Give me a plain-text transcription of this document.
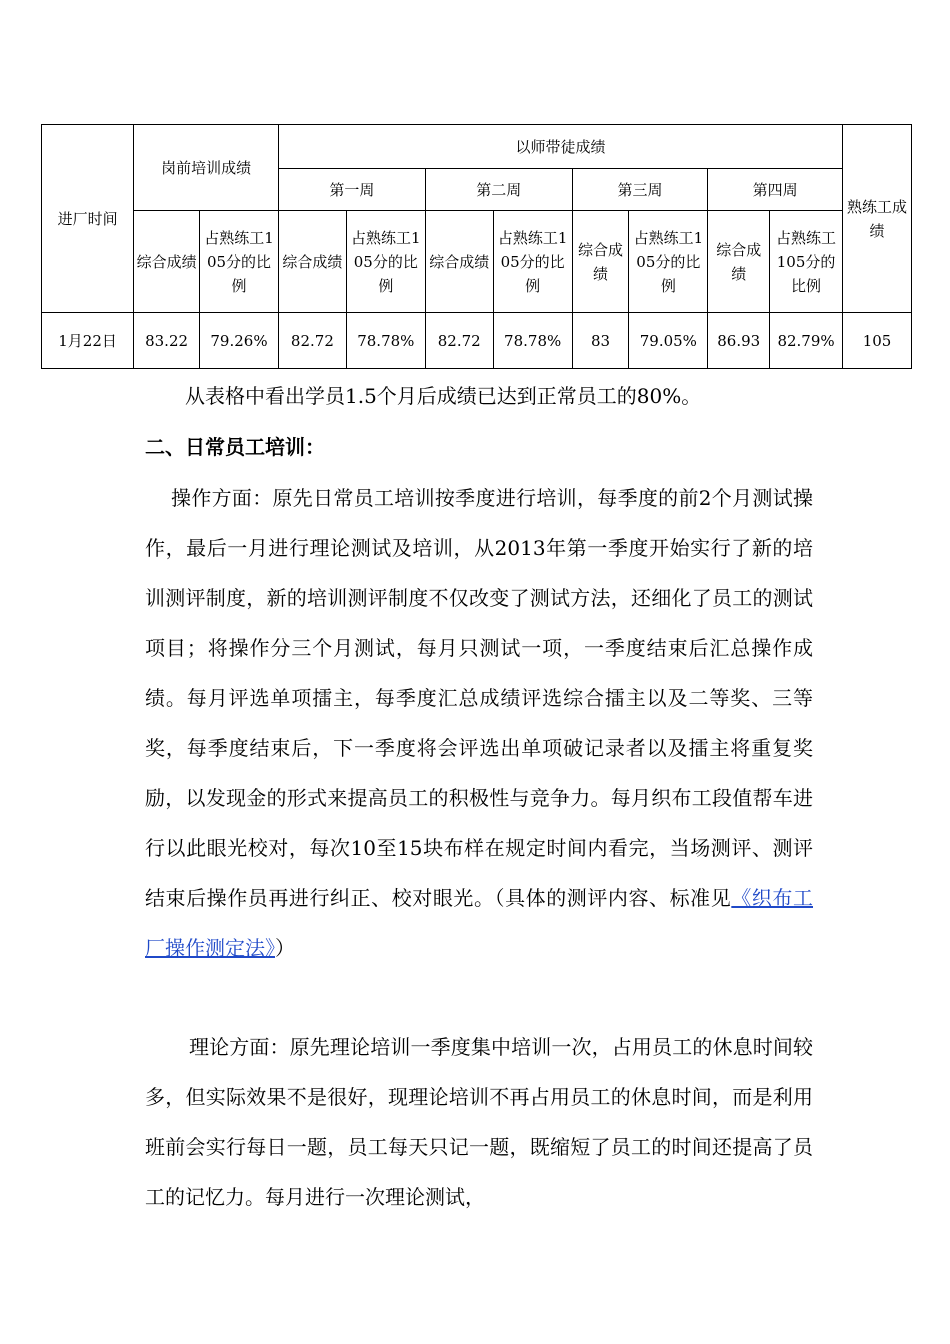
进厂时间	岗前培训成绩		以师带徒成绩								熟练工成绩
			第一周		第二周		第三周		第四周		
	综合成绩	占熟练工105分的比例	综合成绩	占熟练工105分的比例	综合成绩	占熟练工105分的比例	综合成绩	占熟练工105分的比例	综合成绩	占熟练工105分的比例	
1月22日	83.22	79.26%	82.72	78.78%	82.72	78.78%	83	79.05%	86.93	82.79%	105
从表格中看出学员1.5个月后成绩已达到正常员工的80%。
二、日常员工培训：
操作方面：原先日常员工培训按季度进行培训，每季度的前2个月测试操作，最后一月进行理论测试及培训，从2013年第一季度开始实行了新的培训测评制度，新的培训测评制度不仅改变了测试方法，还细化了员工的测试项目；将操作分三个月测试，每月只测试一项，一季度结束后汇总操作成绩。每月评选单项擂主，每季度汇总成绩评选综合擂主以及二等奖、三等奖，每季度结束后，下一季度将会评选出单项破记录者以及擂主将重复奖励，以发现金的形式来提高员工的积极性与竞争力。每月织布工段值帮车进行以此眼光校对，每次10至15块布样在规定时间内看完，当场测评、测评结束后操作员再进行纠正、校对眼光。（具体的测评内容、标准见《织布工厂操作测定法》）
理论方面：原先理论培训一季度集中培训一次，占用员工的休息时间较多，但实际效果不是很好，现理论培训不再占用员工的休息时间，而是利用班前会实行每日一题，员工每天只记一题，既缩短了员工的时间还提高了员工的记忆力。每月进行一次理论测试，
